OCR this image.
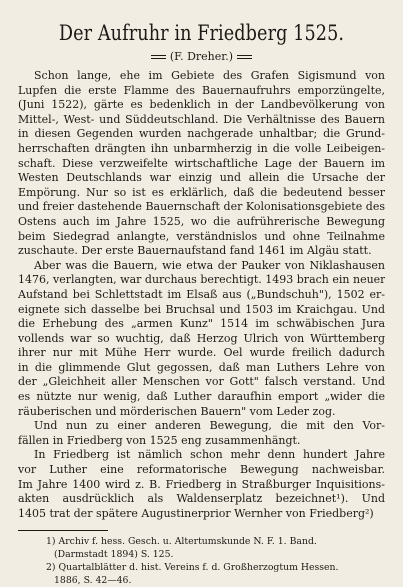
Der Aufruhr in Friedberg 1525.
(F. Dreher.)
Schon lange, ehe im Gebiete des Grafen Sigismund von
Lupfen die erste Flamme des Bauernaufruhrs emporzüngelte,
(Juni 1522), gärte es bedenklich in der Landbevölkerung von
Mittel-, West- und Süddeutschland. Die Verhältnisse des Bauern
in diesen Gegenden wurden nachgerade unhaltbar; die Grund-
herrschaften drängten ihn unbarmherzig in die volle Leibeigen-
schaft. Diese verzweifelte wirtschaftliche Lage der Bauern im
Westen Deutschlands war einzig und allein die Ursache der
Empörung. Nur so ist es erklärlich, daß die bedeutend besser
und freier dastehende Bauernschaft der Kolonisationsgebiete des
Ostens auch im Jahre 1525, wo die aufrührerische Bewegung
beim Siedegrad anlangte, verständnislos und ohne Teilnahme
zuschaute. Der erste Bauernaufstand fand 1461 im Algäu statt.
Aber was die Bauern, wie etwa der Pauker von Niklashausen
1476, verlangten, war durchaus berechtigt. 1493 brach ein neuer
Aufstand bei Schlettstadt im Elsaß aus („Bundschuh"), 1502 er-
eignete sich dasselbe bei Bruchsal und 1503 im Kraichgau. Und
die Erhebung des „armen Kunz" 1514 im schwäbischen Jura
vollends war so wuchtig, daß Herzog Ulrich von Württemberg
ihrer nur mit Mühe Herr wurde. Oel wurde freilich dadurch
in die glimmende Glut gegossen, daß man Luthers Lehre von
der „Gleichheit aller Menschen vor Gott" falsch verstand. Und
es nützte nur wenig, daß Luther daraufhin emport „wider die
räuberischen und mörderischen Bauern" vom Leder zog.
Und nun zu einer anderen Bewegung, die mit den Vor-
fällen in Friedberg von 1525 eng zusammenhängt.
In Friedberg ist nämlich schon mehr denn hundert Jahre
vor Luther eine reformatorische Bewegung nachweisbar.
Im Jahre 1400 wird z. B. Friedberg in Straßburger Inquisitions-
akten ausdrücklich als Waldenserplatz bezeichnet¹). Und
1405 trat der spätere Augustinerprior Wernher von Friedberg²)
1) Archiv f. hess. Gesch. u. Altertumskunde N. F. 1. Band.
(Darmstadt 1894) S. 125.
2) Quartalblätter d. hist. Vereins f. d. Großherzogtum Hessen.
1886, S. 42—46.
